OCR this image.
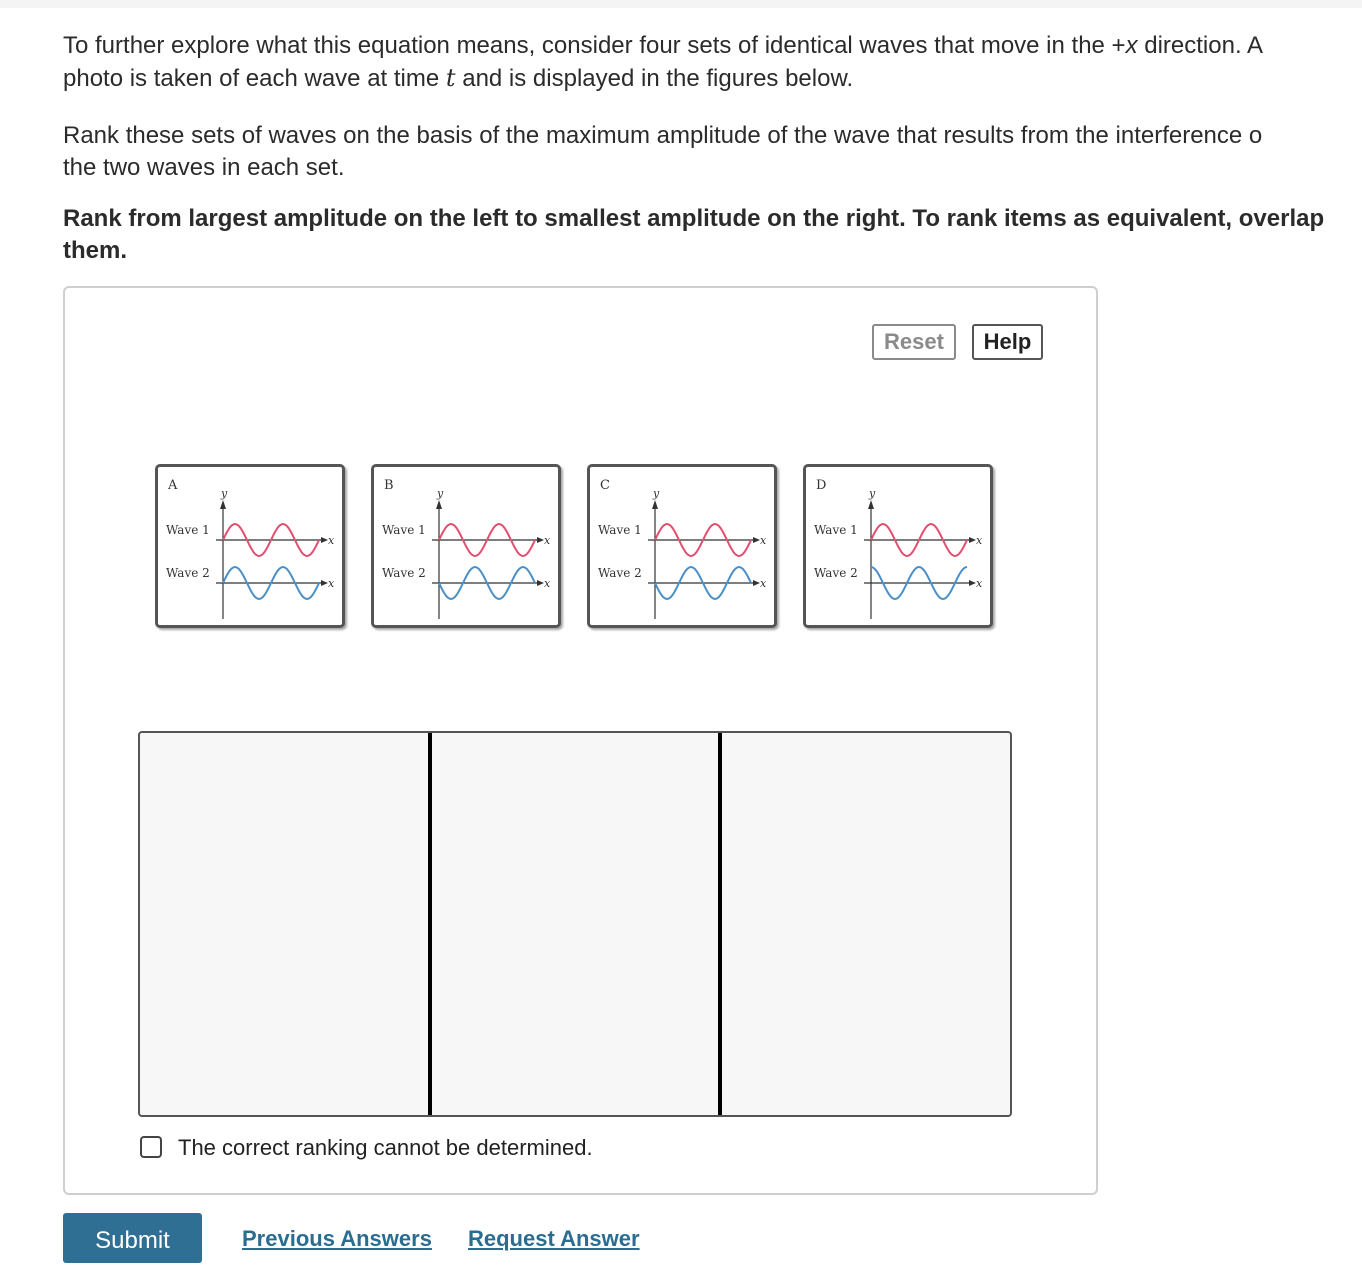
To further explore what this equation means, consider four sets of identical waves that move in the +x direction. A
photo is taken of each wave at time t and is displayed in the figures below.

Rank these sets of waves on the basis of the maximum amplitude of the wave that results from the interference o
the two waves in each set.

Rank from largest amplitude on the left to smallest amplitude on the right. To rank items as equivalent, overlap them.

Reset	Help
A
Wave 1
Wave 2
y
x
x
B
Wave 1
Wave 2
y
x
x
C
Wave 1
Wave 2
y
x
x
D
Wave 1
Wave 2
y
x
x
The correct ranking cannot be determined.
Submit	Previous Answers Request Answer
